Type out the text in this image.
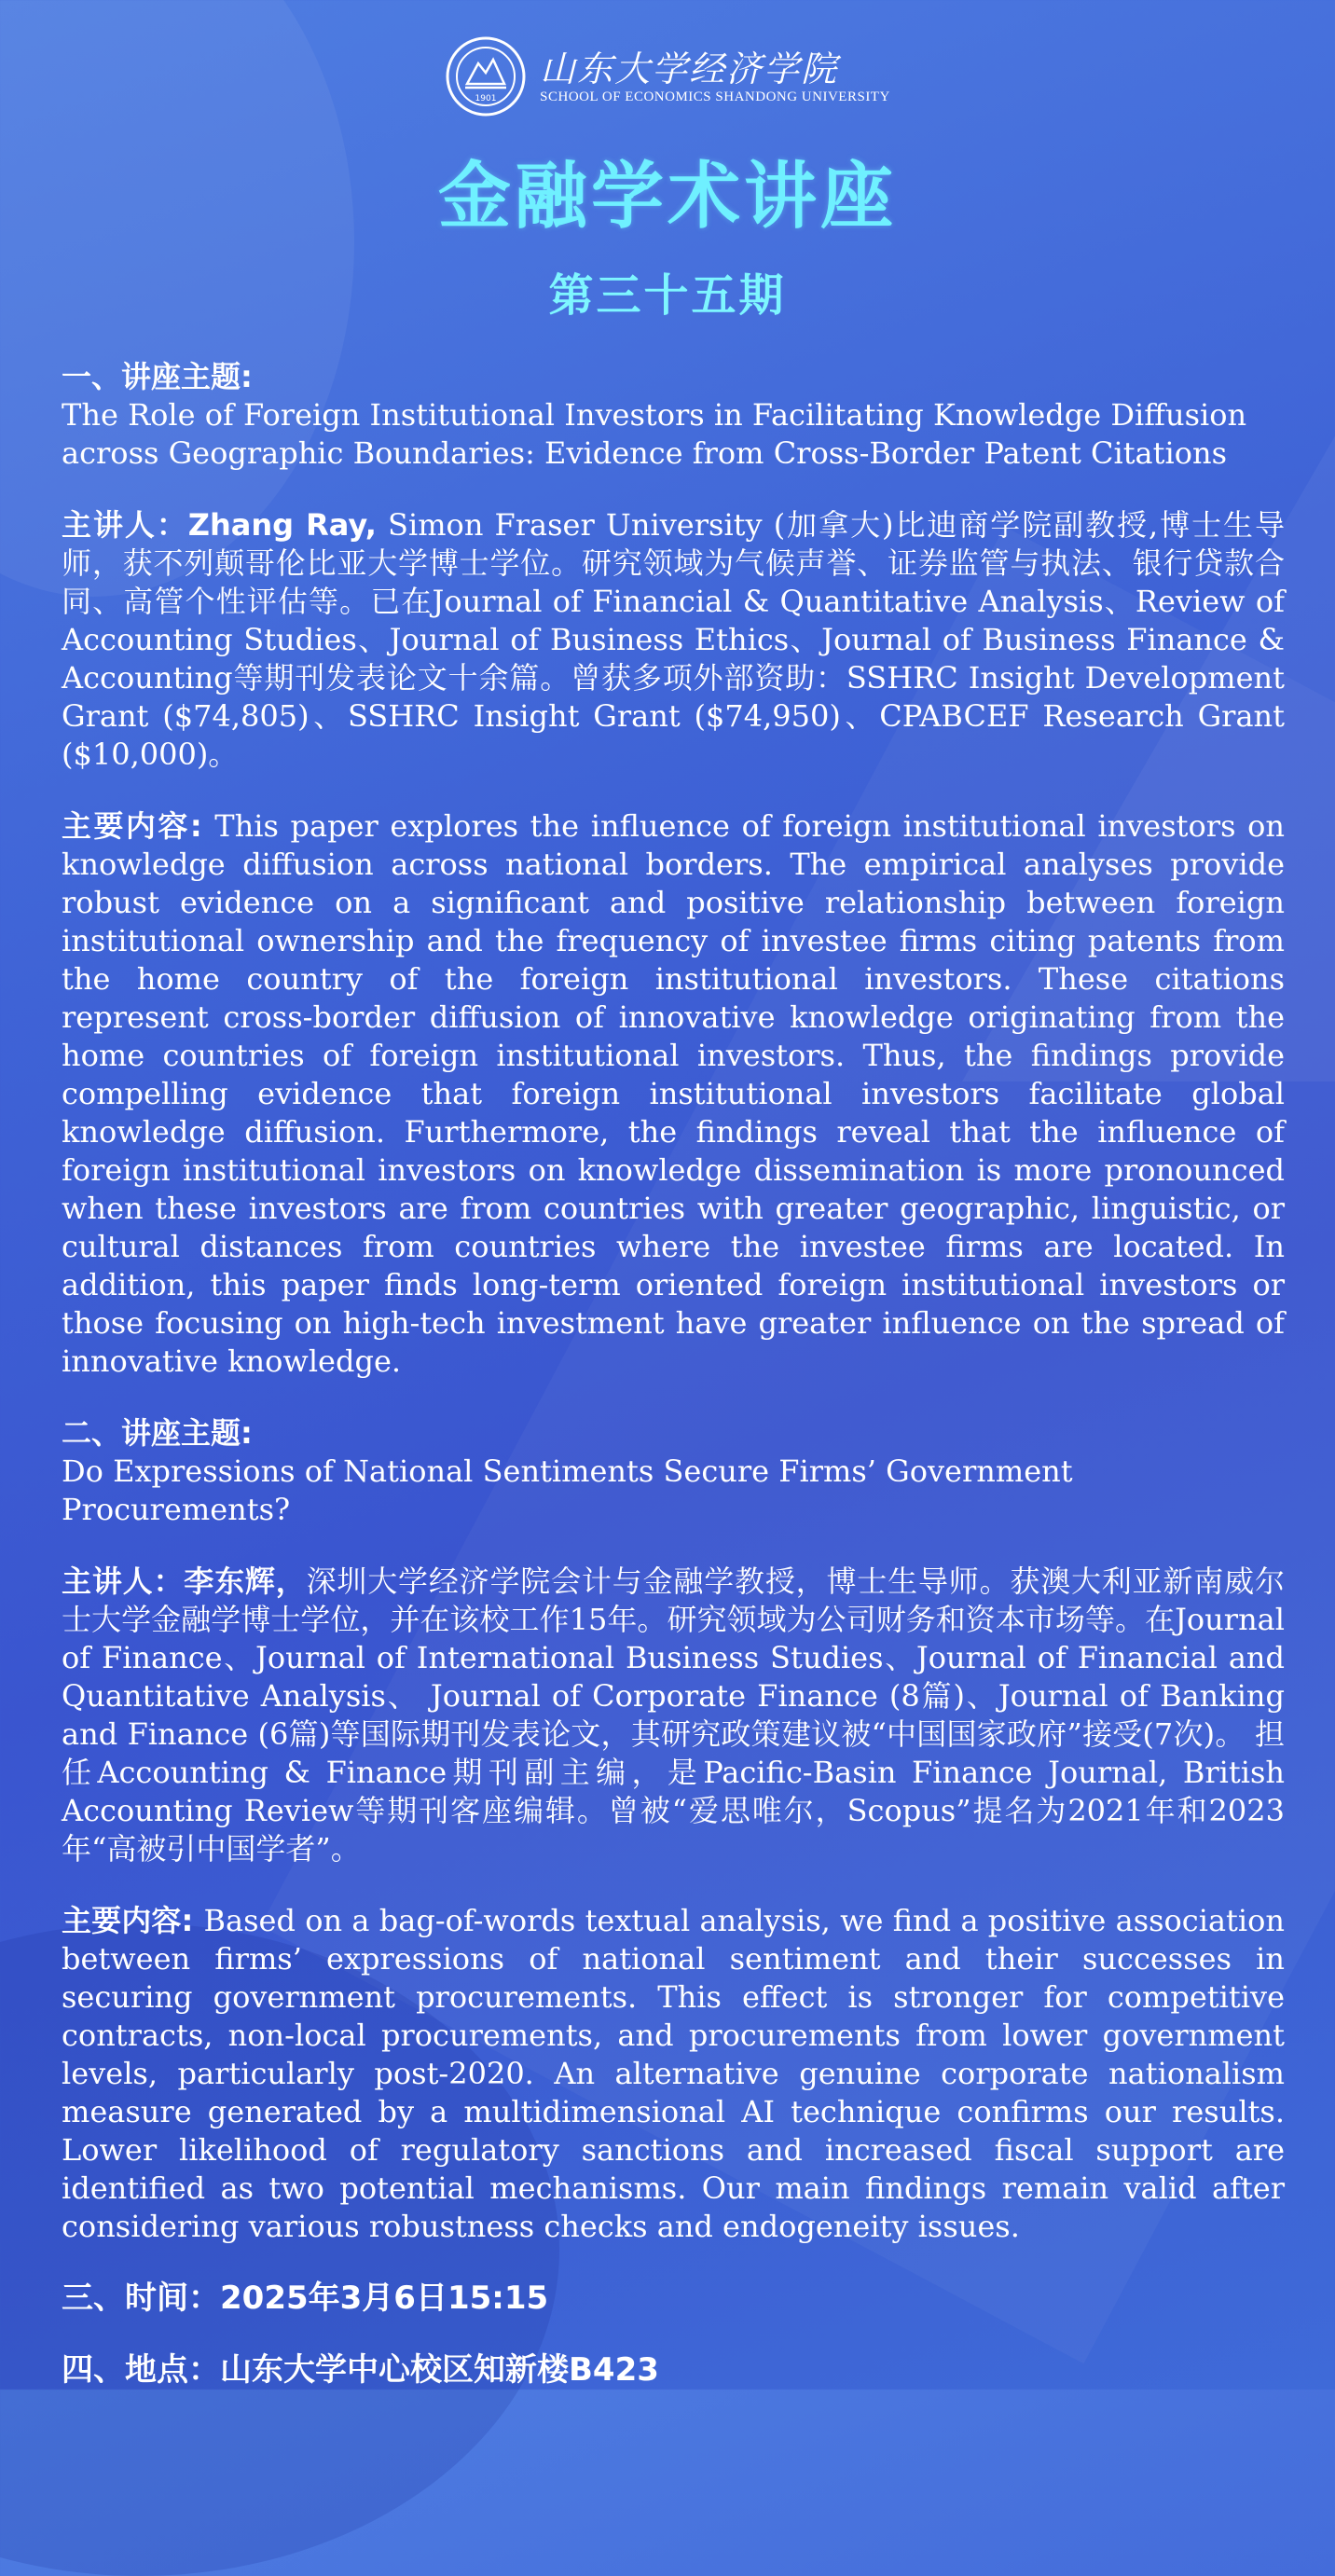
1901
山东大学经济学院
SCHOOL OF ECONOMICS SHANDONG UNIVERSITY
金融学术讲座
第三十五期
一、讲座主题:

The Role of Foreign Institutional Investors in Facilitating Knowledge Diffusion across Geographic Boundaries: Evidence from Cross-Border Patent Citations

主讲人：Zhang Ray, Simon Fraser University (加拿大)比迪商学院副教授,博士生导师，获不列颠哥伦比亚大学博士学位。研究领域为气候声誉、证券监管与执法、银行贷款合同、高管个性评估等。已在Journal of Financial & Quantitative Analysis、Review of Accounting Studies、Journal of Business Ethics、Journal of Business Finance & Accounting等期刊发表论文十余篇。曾获多项外部资助：SSHRC Insight Development Grant ($74,805)、SSHRC Insight Grant ($74,950)、CPABCEF Research Grant ($10,000)。

主要内容: This paper explores the influence of foreign institutional investors on knowledge diffusion across national borders. The empirical analyses provide robust evidence on a significant and positive relationship between foreign institutional ownership and the frequency of investee firms citing patents from the home country of the foreign institutional investors. These citations represent cross-border diffusion of innovative knowledge originating from the home countries of foreign institutional investors. Thus, the findings provide compelling evidence that foreign institutional investors facilitate global knowledge diffusion. Furthermore, the findings reveal that the influence of foreign institutional investors on knowledge dissemination is more pronounced when these investors are from countries with greater geographic, linguistic, or cultural distances from countries where the investee firms are located. In addition, this paper finds long-term oriented foreign institutional investors or those focusing on high-tech investment have greater influence on the spread of innovative knowledge.

二、讲座主题:

Do Expressions of National Sentiments Secure Firms’ Government Procurements?

主讲人：李东辉，深圳大学经济学院会计与金融学教授，博士生导师。获澳大利亚新南威尔士大学金融学博士学位，并在该校工作15年。研究领域为公司财务和资本市场等。在Journal of Finance、Journal of International Business Studies、Journal of Financial and Quantitative Analysis、 Journal of Corporate Finance (8篇)、Journal of Banking and Finance (6篇)等国际期刊发表论文，其研究政策建议被“中国国家政府”接受(7次)。 担任Accounting & Finance期刊副主编，是Pacific-Basin Finance Journal, British Accounting Review等期刊客座编辑。曾被“爱思唯尔，Scopus”提名为2021年和2023年“高被引中国学者”。

主要内容: Based on a bag-of-words textual analysis, we find a positive association between firms’ expressions of national sentiment and their successes in securing government procurements. This effect is stronger for competitive contracts, non-local procurements, and procurements from lower government levels, particularly post-2020. An alternative genuine corporate nationalism measure generated by a multidimensional AI technique confirms our results. Lower likelihood of regulatory sanctions and increased fiscal support are identified as two potential mechanisms. Our main findings remain valid after considering various robustness checks and endogeneity issues.

三、时间：2025年3月6日15:15
四、地点：山东大学中心校区知新楼B423
